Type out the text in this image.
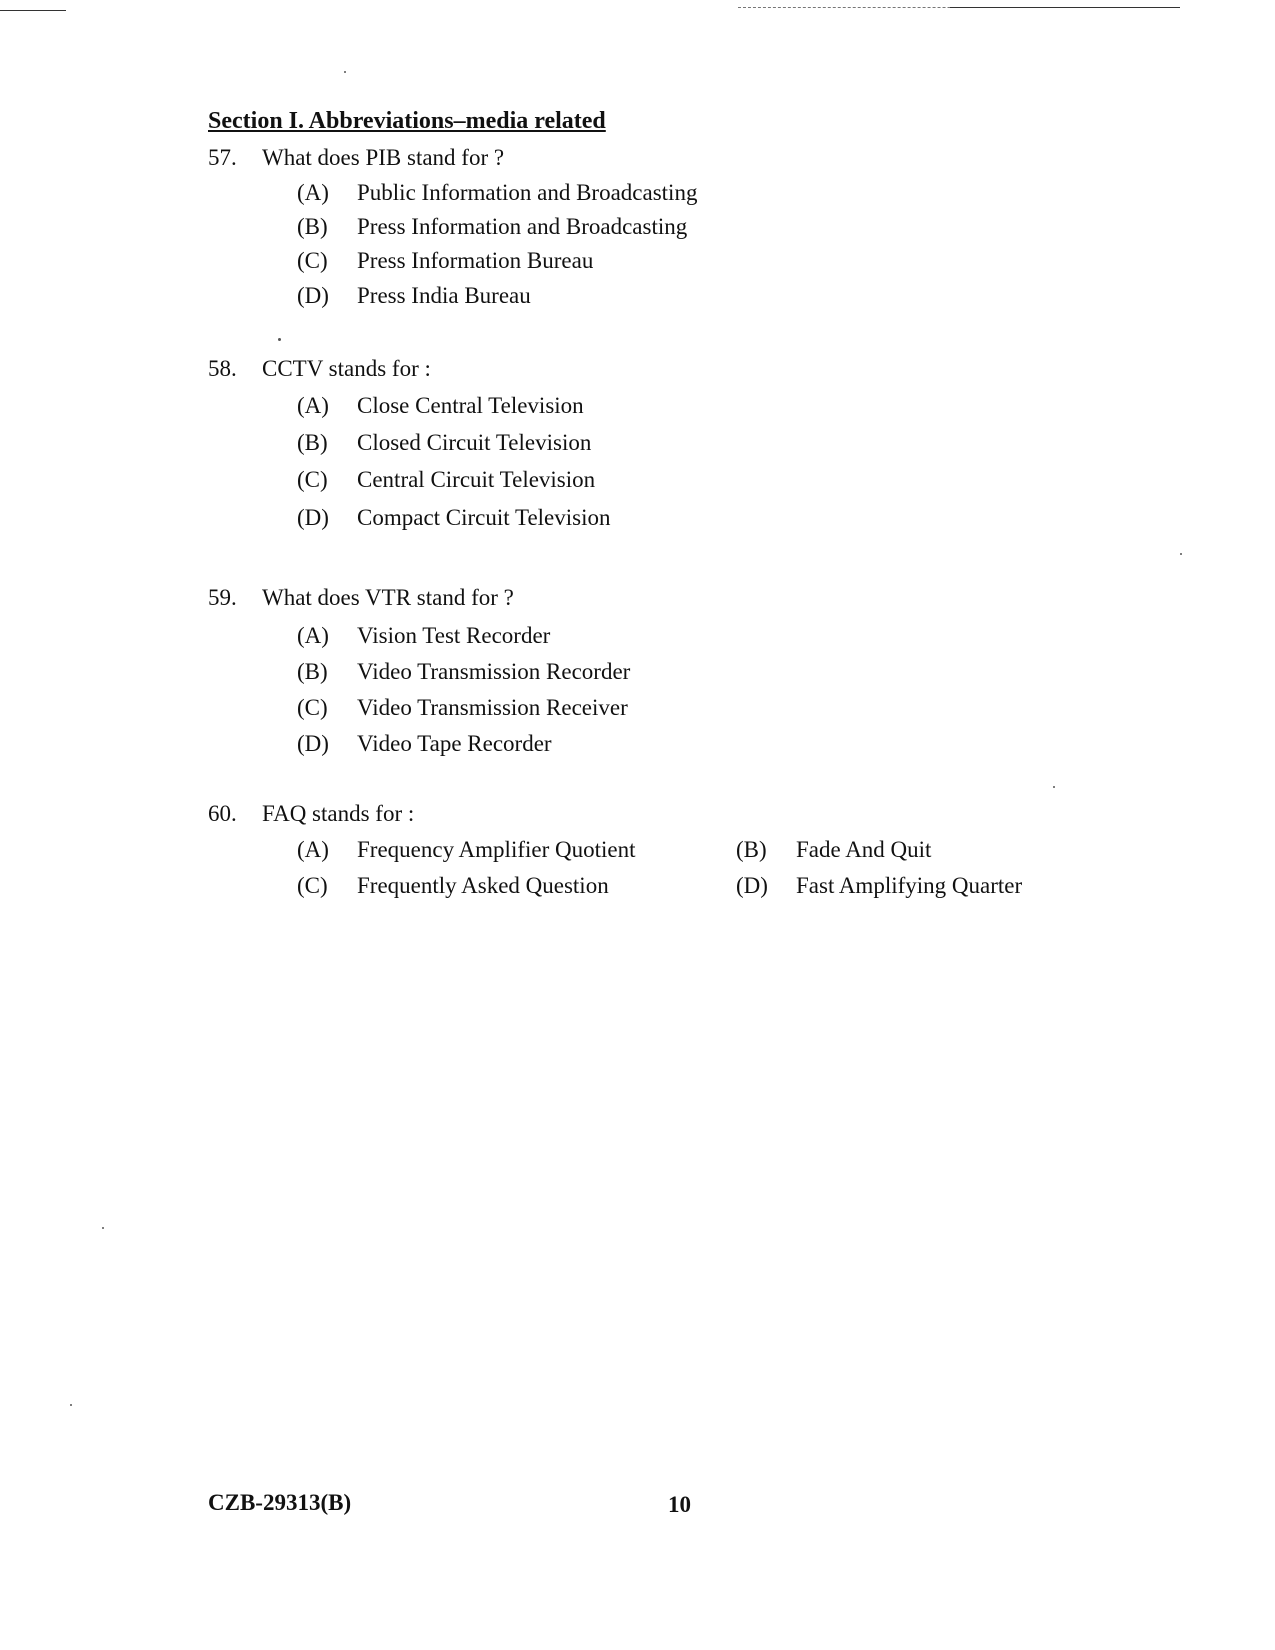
Section I. Abbreviations–media related
57. What does PIB stand for ?
(A) Public Information and Broadcasting
(B) Press Information and Broadcasting
(C) Press Information Bureau
(D) Press India Bureau
58. CCTV stands for :
(A) Close Central Television
(B) Closed Circuit Television
(C) Central Circuit Television
(D) Compact Circuit Television
59. What does VTR stand for ?
(A) Vision Test Recorder
(B) Video Transmission Recorder
(C) Video Transmission Receiver
(D) Video Tape Recorder
60. FAQ stands for :
(A) Frequency Amplifier Quotient	(B) Fade And Quit
(C) Frequently Asked Question	(D) Fast Amplifying Quarter
CZB-29313(B)	10
